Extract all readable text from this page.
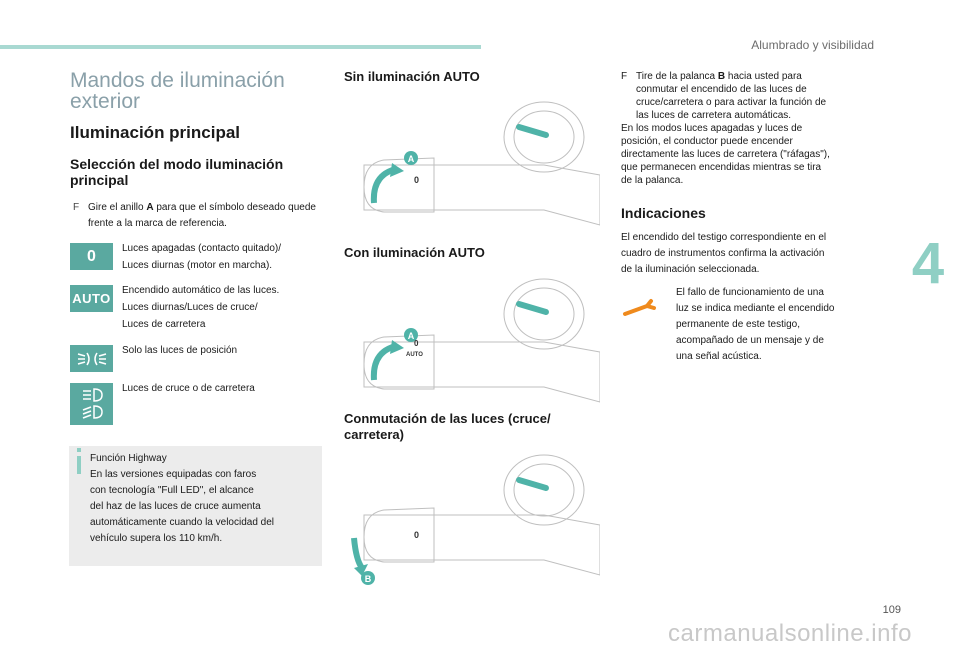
Alumbrado y visibilidad
4
109
carmanualsonline.info
Mandos de iluminación
exterior
Iluminación principal
Selección del modo iluminación
principal
F Gire el anillo A para que el símbolo deseado quede frente a la marca de referencia.
0	Luces apagadas (contacto quitado)/
Luces diurnas (motor en marcha).
AUTO
Encendido automático de las luces.
Luces diurnas/Luces de cruce/
Luces de carretera
Solo las luces de posición
Luces de cruce o de carretera
Función Highway
En las versiones equipadas con faros
con tecnología "Full LED", el alcance
del haz de las luces de cruce aumenta
automáticamente cuando la velocidad del
vehículo supera los 110 km/h.
Sin iluminación AUTO
A
0
Con iluminación AUTO
A
0
AUTO
Conmutación de las luces (cruce/
carretera)
B
0
F Tire de la palanca B hacia usted para
conmutar el encendido de las luces de
cruce/carretera o para activar la función de
las luces de carretera automáticas.
En los modos luces apagadas y luces de
posición, el conductor puede encender
directamente las luces de carretera ("ráfagas"),
que permanecen encendidas mientras se tira
de la palanca.
Indicaciones
El encendido del testigo correspondiente en el
cuadro de instrumentos confirma la activación
de la iluminación seleccionada.
El fallo de funcionamiento de una
luz se indica mediante el encendido
permanente de este testigo,
acompañado de un mensaje y de
una señal acústica.
